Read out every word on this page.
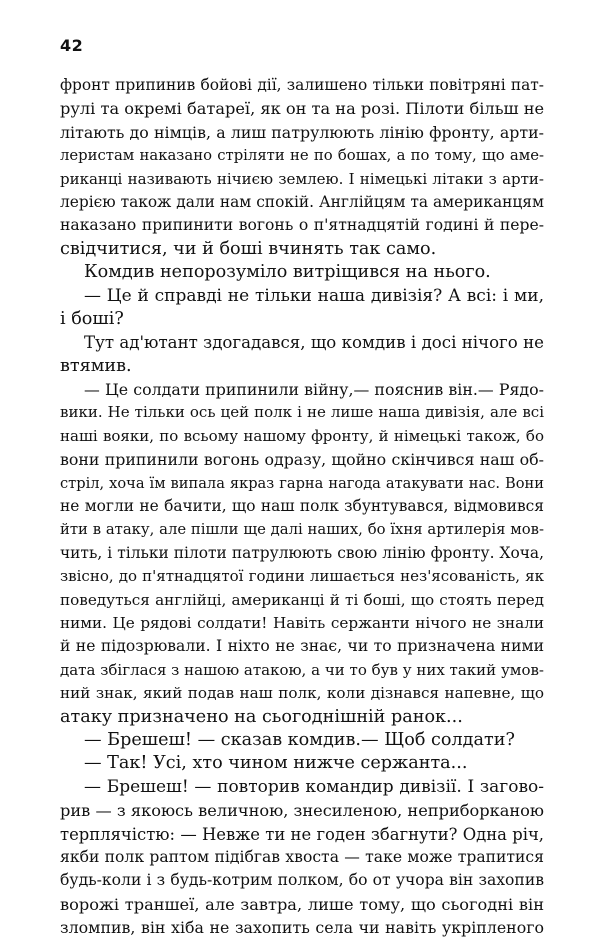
42
фронт припинив бойові дії, залишено тільки повітряні пат-
рулі та окремі батареї, як он та на розі. Пілоти більш не
літають до німців, а лиш патрулюють лінію фронту, арти-
леристам наказано стріляти не по бошах, а по тому, що аме-
риканці називають нічиєю землею. І німецькі літаки з арти-
лерією також дали нам спокій. Англійцям та американцям
наказано припинити вогонь о п'ятнадцятій годині й пере-
свідчитися, чи й боші вчинять так само.
Комдив непорозуміло витріщився на нього.
— Це й справді не тільки наша дивізія? А всі: і ми,
і боші?
Тут ад'ютант здогадався, що комдив і досі нічого не
втямив.
— Це солдати припинили війну,— пояснив він.— Рядо-
вики. Не тільки ось цей полк і не лише наша дивізія, але всі
наші вояки, по всьому нашому фронту, й німецькі також, бо
вони припинили вогонь одразу, щойно скінчився наш об-
стріл, хоча їм випала якраз гарна нагода атакувати нас. Вони
не могли не бачити, що наш полк збунтувався, відмовився
йти в атаку, але пішли ще далі наших, бо їхня артилерія мов-
чить, і тільки пілоти патрулюють свою лінію фронту. Хоча,
звісно, до п'ятнадцятої години лишається нез'ясованість, як
поведуться англійці, американці й ті боші, що стоять перед
ними. Це рядові солдати! Навіть сержанти нічого не знали
й не підозрювали. І ніхто не знає, чи то призначена ними
дата збіглася з нашою атакою, а чи то був у них такий умов-
ний знак, який подав наш полк, коли дізнався напевне, що
атаку призначено на сьогоднішній ранок...
— Брешеш! — сказав комдив.— Щоб солдати?
— Так! Усі, хто чином нижче сержанта...
— Брешеш! — повторив командир дивізії. І загово-
рив — з якоюсь величною, знесиленою, неприборканою
терплячістю: — Невже ти не годен збагнути? Одна річ,
якби полк раптом підібгав хвоста — таке може трапитися
будь-коли і з будь-котрим полком, бо от учора він захопив
ворожі траншеї, але завтра, лише тому, що сьогодні він
зломпив, він хіба не захопить села чи навіть укріпленого
